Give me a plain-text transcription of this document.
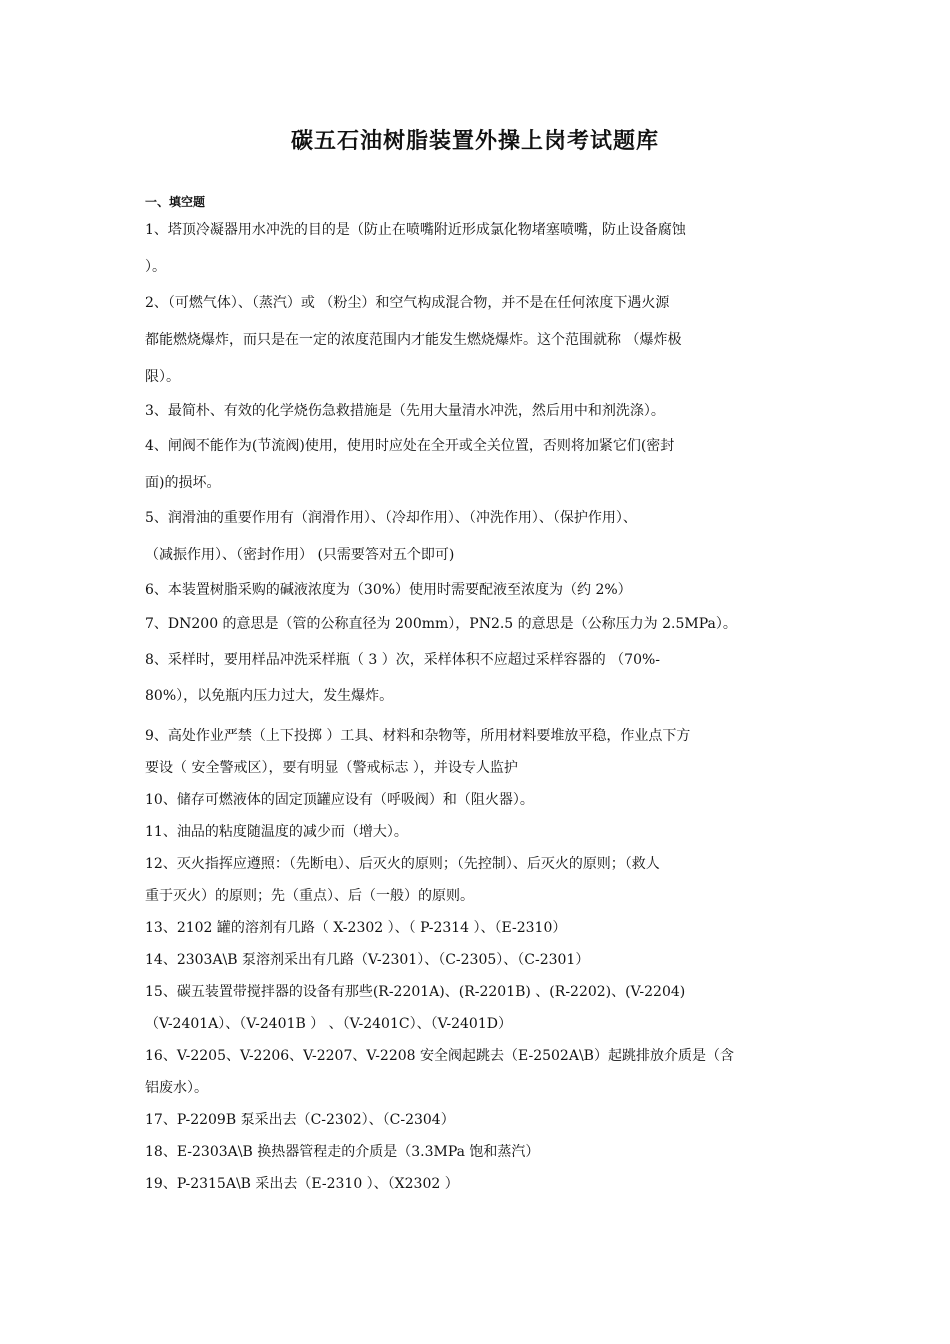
碳五石油树脂装置外操上岗考试题库
一、填空题

1、塔顶冷凝器用水冲洗的目的是（防止在喷嘴附近形成氯化物堵塞喷嘴，防止设备腐蚀

）。

2、（可燃气体）、（蒸汽）或 （粉尘）和空气构成混合物，并不是在任何浓度下遇火源

都能燃烧爆炸，而只是在一定的浓度范围内才能发生燃烧爆炸。这个范围就称 （爆炸极

限）。

3、最简朴、有效的化学烧伤急救措施是（先用大量清水冲洗，然后用中和剂洗涤）。

4、闸阀不能作为(节流阀)使用，使用时应处在全开或全关位置，否则将加紧它们(密封

面)的损坏。

5、润滑油的重要作用有（润滑作用）、（冷却作用）、（冲洗作用）、（保护作用）、

（减振作用）、（密封作用） (只需要答对五个即可)

6、本装置树脂采购的碱液浓度为（30%）使用时需要配液至浓度为（约 2%）

7、DN200 的意思是（管的公称直径为 200mm），PN2.5 的意思是（公称压力为 2.5MPa）。

8、采样时，要用样品冲洗采样瓶（ 3 ）次，采样体积不应超过采样容器的 （70%-

80%），以免瓶内压力过大，发生爆炸。

9、高处作业严禁（上下投掷 ）工具、材料和杂物等，所用材料要堆放平稳，作业点下方

要设（ 安全警戒区），要有明显（警戒标志 ），并设专人监护

10、储存可燃液体的固定顶罐应设有（呼吸阀）和（阻火器）。

11、油品的粘度随温度的减少而（增大）。

12、灭火指挥应遵照：（先断电）、后灭火的原则；（先控制）、后灭火的原则；（救人

重于灭火）的原则；先（重点）、后（一般）的原则。

13、2102 罐的溶剂有几路（ X-2302 ）、（ P-2314 ）、（E-2310）

14、2303A\B 泵溶剂采出有几路（V-2301）、（C-2305）、（C-2301）

15、碳五装置带搅拌器的设备有那些(R-2201A)、(R-2201B) 、(R-2202)、(V-2204)

（V-2401A）、（V-2401B ） 、（V-2401C）、（V-2401D）

16、V-2205、V-2206、V-2207、V-2208 安全阀起跳去（E-2502A\B）起跳排放介质是（含

铝废水）。

17、P-2209B 泵采出去（C-2302）、（C-2304）

18、E-2303A\B 换热器管程走的介质是（3.3MPa 饱和蒸汽）

19、P-2315A\B 采出去（E-2310 ）、（X2302 ）
